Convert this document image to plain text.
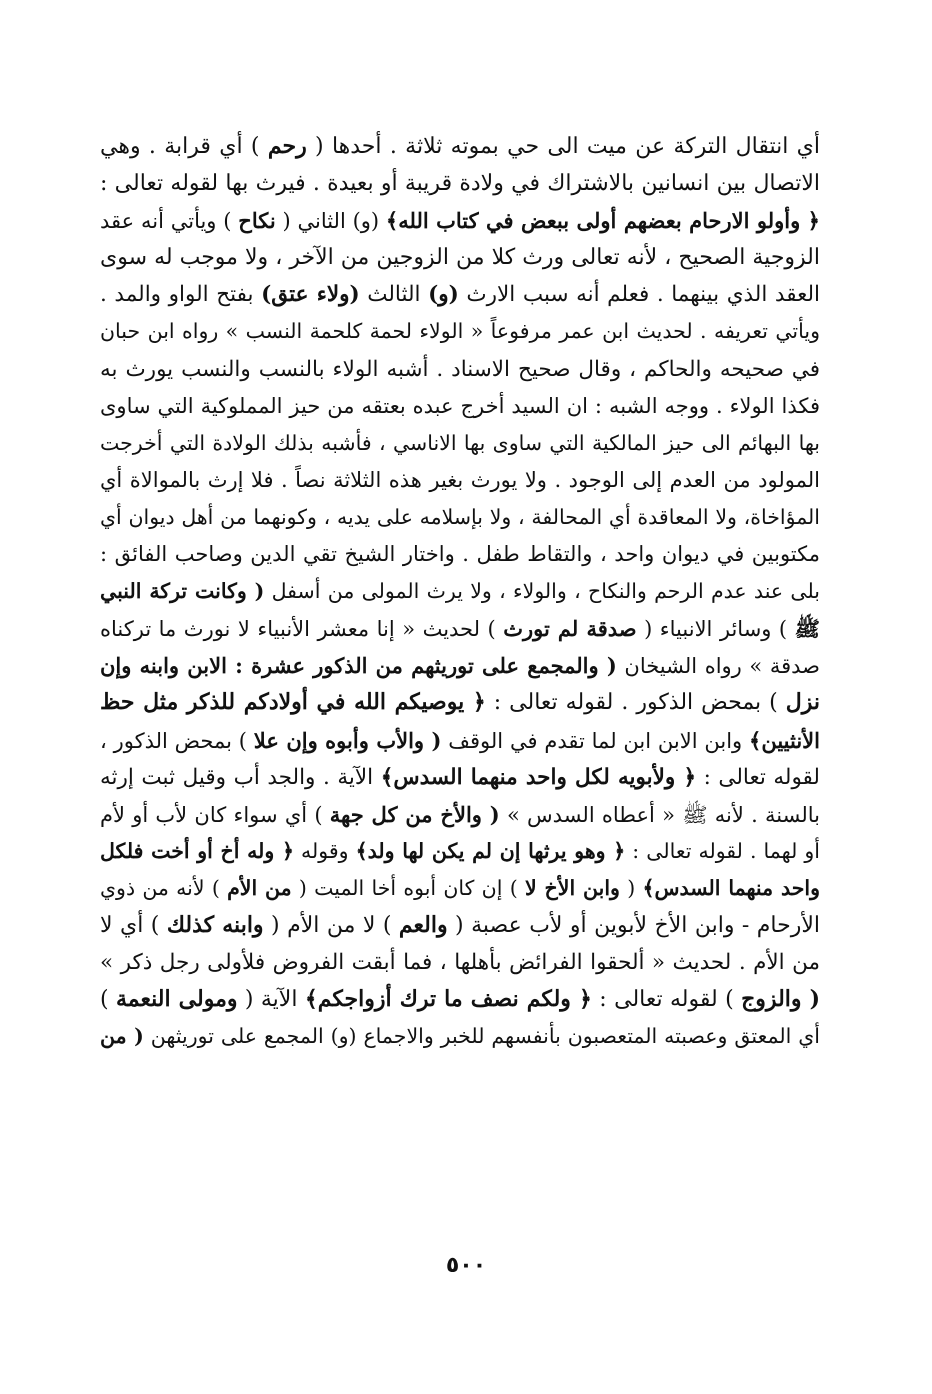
أي انتقال التركة عن ميت الى حي بموته ثلاثة . أحدها ( رحم ) أي قرابة . وهي
الاتصال بين انسانين بالاشتراك في ولادة قريبة أو بعيدة . فيرث بها لقوله تعالى :
﴿ وأولو الارحام بعضهم أولى ببعض في كتاب الله﴾ (و) الثاني ( نكاح ) ويأتي أنه عقد
الزوجية الصحيح ، لأنه تعالى ورث كلا من الزوجين من الآخر ، ولا موجب له سوى
العقد الذي بينهما . فعلم أنه سبب الارث (و) الثالث (ولاء عتق) بفتح الواو والمد .
ويأتي تعريفه . لحديث ابن عمر مرفوعاً « الولاء لحمة كلحمة النسب » رواه ابن حبان
في صحيحه والحاكم ، وقال صحيح الاسناد . أشبه الولاء بالنسب والنسب يورث به
فكذا الولاء . ووجه الشبه : ان السيد أخرج عبده بعتقه من حيز المملوكية التي ساوى
بها البهائم الى حيز المالكية التي ساوى بها الاناسي ، فأشبه بذلك الولادة التي أخرجت
المولود من العدم إلى الوجود . ولا يورث بغير هذه الثلاثة نصاً . فلا إرث بالموالاة أي
المؤاخاة، ولا المعاقدة أي المحالفة ، ولا بإسلامه على يديه ، وكونهما من أهل ديوان أي
مكتوبين في ديوان واحد ، والتقاط طفل . واختار الشيخ تقي الدين وصاحب الفائق :
بلى عند عدم الرحم والنكاح ، والولاء ، ولا يرث المولى من أسفل ( وكانت تركة النبي
ﷺ ) وسائر الانبياء ( صدقة لم تورث ) لحديث « إنا معشر الأنبياء لا نورث ما تركناه
صدقة » رواه الشيخان ( والمجمع على توريثهم من الذكور عشرة : الابن وابنه وإن
نزل ) بمحض الذكور . لقوله تعالى : ﴿ يوصيكم الله في أولادكم للذكر مثل حظ
الأنثيين﴾ وابن الابن ابن لما تقدم في الوقف ( والأب وأبوه وإن علا ) بمحض الذكور ،
لقوله تعالى : ﴿ ولأبويه لكل واحد منهما السدس﴾ الآية . والجد أب وقيل ثبت إرثه
بالسنة . لأنه ﷺ « أعطاه السدس » ( والأخ من كل جهة ) أي سواء كان لأب أو لأم
أو لهما . لقوله تعالى : ﴿ وهو يرثها إن لم يكن لها ولد﴾ وقوله ﴿ وله أخ أو أخت فلكل
واحد منهما السدس﴾ ( وابن الأخ لا ) إن كان أبوه أخا الميت ( من الأم ) لأنه من ذوي
الأرحام - وابن الأخ لأبوين أو لأب عصبة ( والعم ) لا من الأم ( وابنه كذلك ) أي لا
من الأم . لحديث « ألحقوا الفرائض بأهلها ، فما أبقت الفروض فلأولى رجل ذكر »
( والزوج ) لقوله تعالى : ﴿ ولكم نصف ما ترك أزواجكم﴾ الآية ( ومولى النعمة )
أي المعتق وعصبته المتعصبون بأنفسهم للخبر والاجماع (و) المجمع على توريثهن ( من
٥٠٠
